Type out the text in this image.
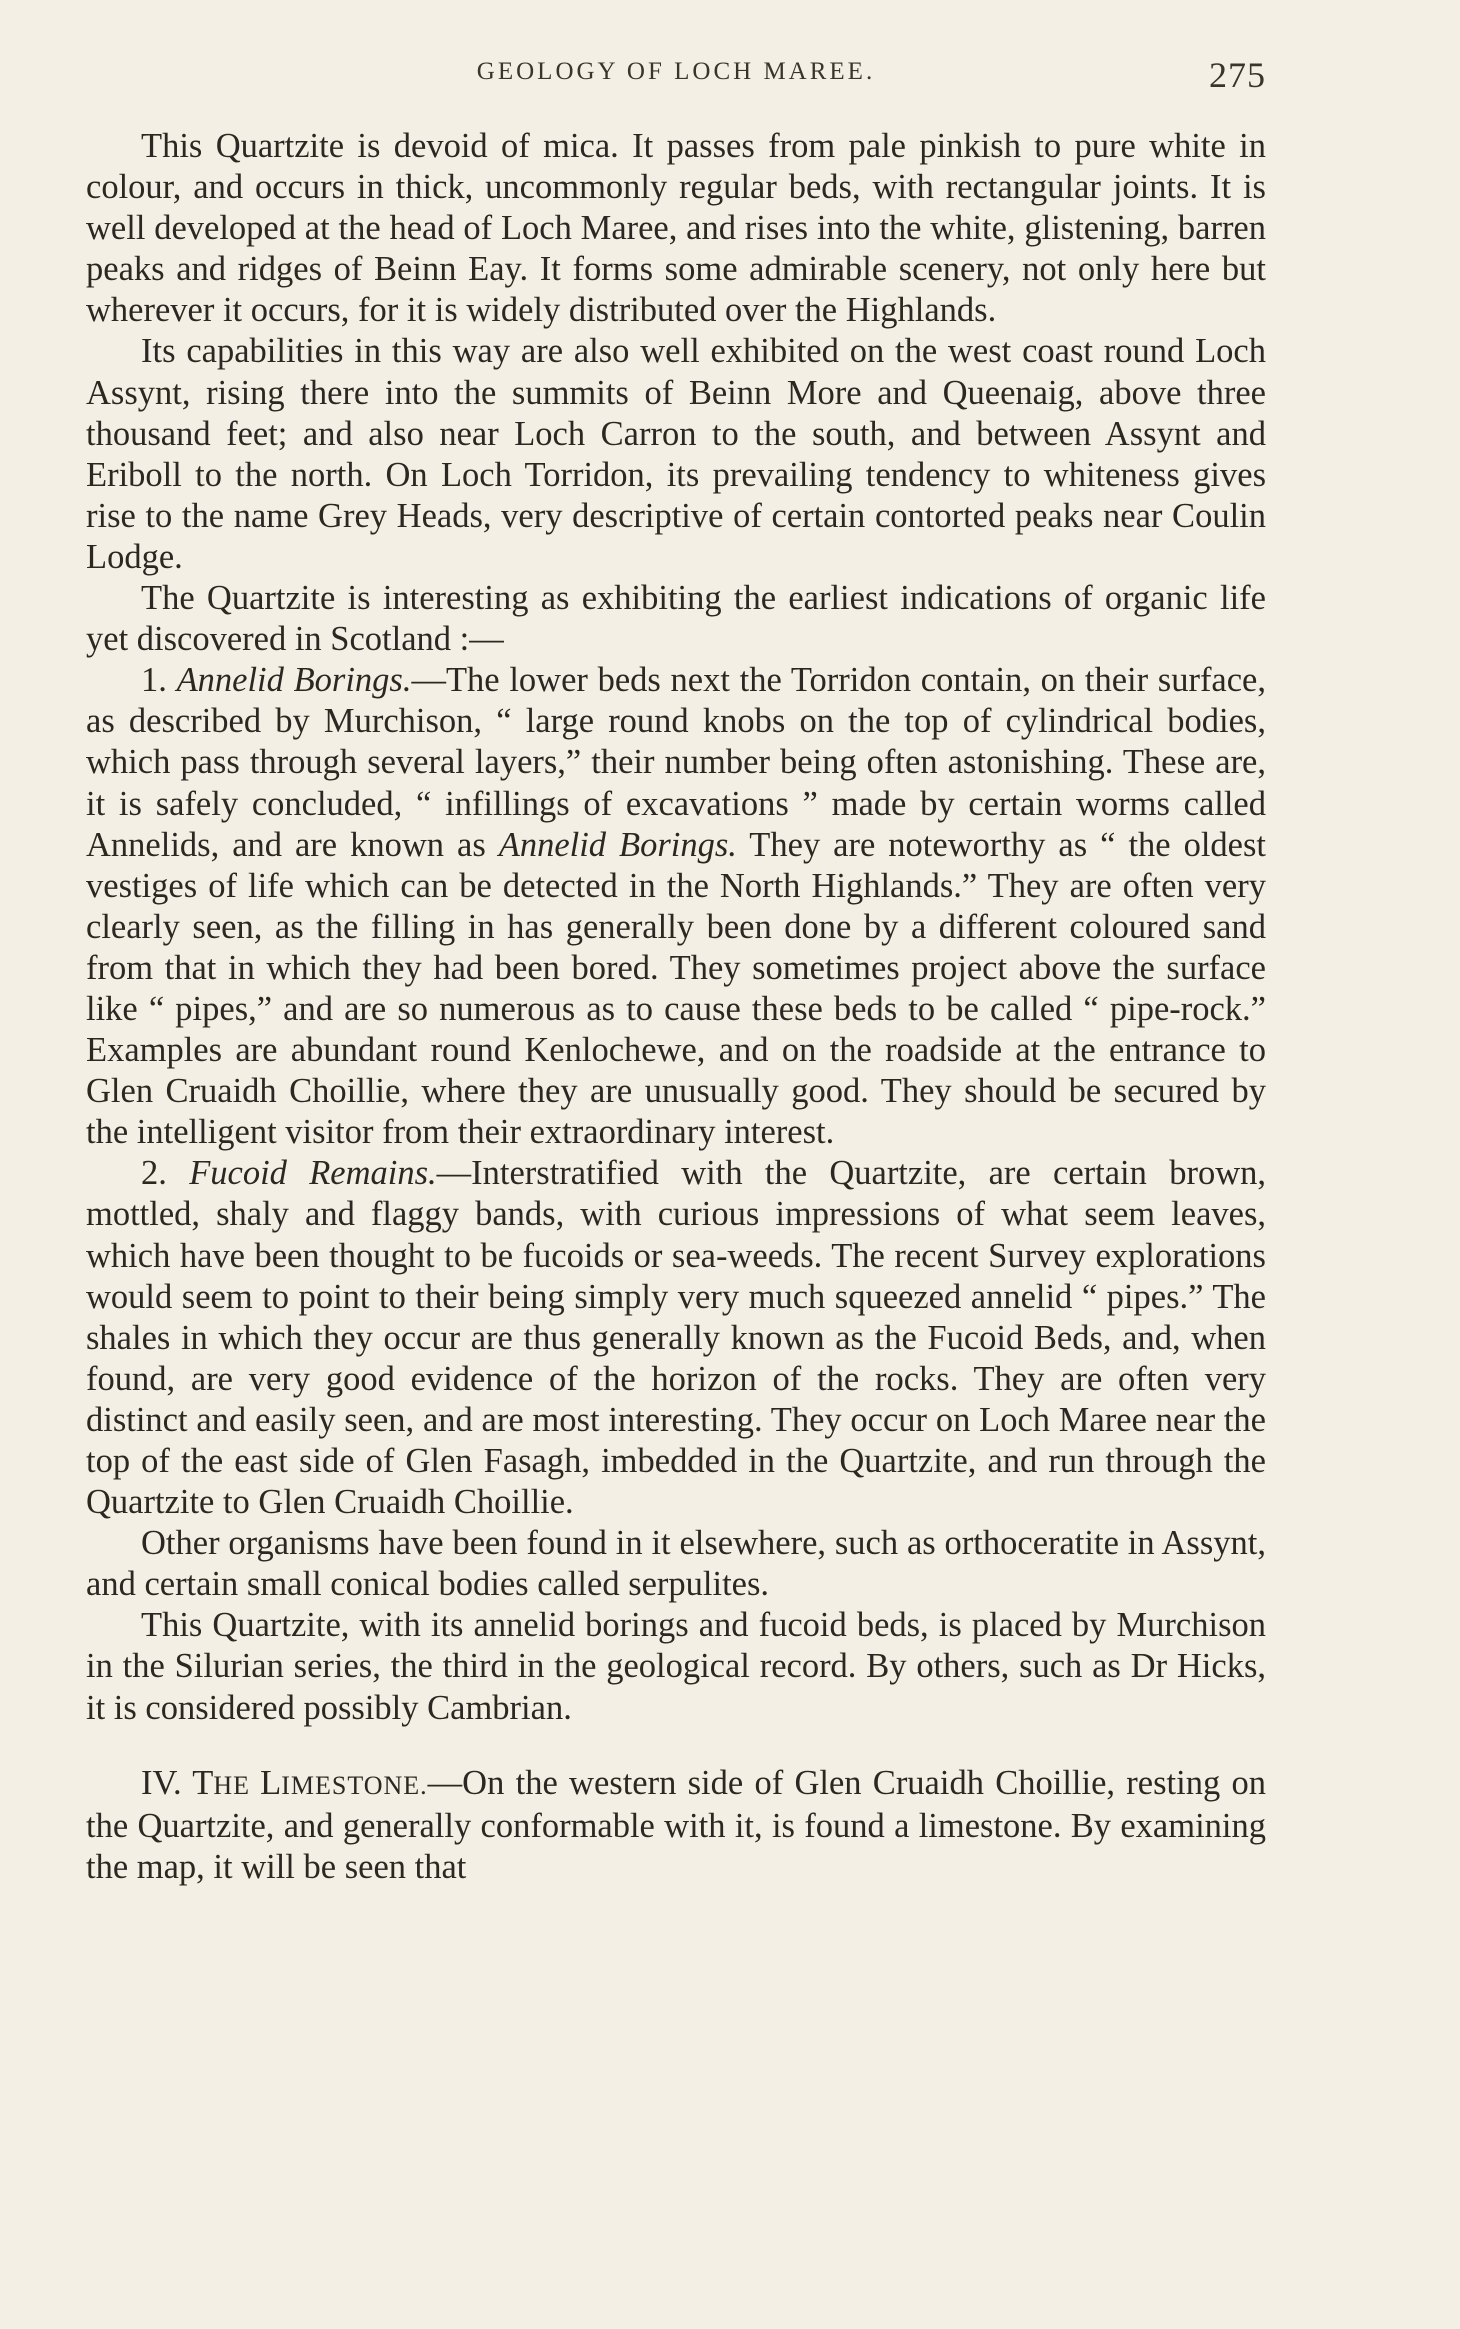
GEOLOGY OF LOCH MAREE.	275

This Quartzite is devoid of mica. It passes from pale pinkish to pure white in colour, and occurs in thick, uncommonly regular beds, with rectangular joints. It is well developed at the head of Loch Maree, and rises into the white, glistening, barren peaks and ridges of Beinn Eay. It forms some admirable scenery, not only here but wherever it occurs, for it is widely distributed over the Highlands.

Its capabilities in this way are also well exhibited on the west coast round Loch Assynt, rising there into the summits of Beinn More and Queenaig, above three thousand feet; and also near Loch Carron to the south, and between Assynt and Eriboll to the north. On Loch Torridon, its prevailing tendency to whiteness gives rise to the name Grey Heads, very descriptive of certain contorted peaks near Coulin Lodge.

The Quartzite is interesting as exhibiting the earliest indications of organic life yet discovered in Scotland :—

1. Annelid Borings.—The lower beds next the Torridon contain, on their surface, as described by Murchison, “ large round knobs on the top of cylindrical bodies, which pass through several layers,” their number being often astonishing. These are, it is safely concluded, “ infillings of excavations ” made by certain worms called Annelids, and are known as Annelid Borings. They are noteworthy as “ the oldest vestiges of life which can be detected in the North Highlands.” They are often very clearly seen, as the filling in has generally been done by a different coloured sand from that in which they had been bored. They sometimes project above the surface like “ pipes,” and are so numerous as to cause these beds to be called “ pipe-rock.” Examples are abundant round Kenlochewe, and on the roadside at the entrance to Glen Cruaidh Choillie, where they are unusually good. They should be secured by the intelligent visitor from their extraordinary interest.

2. Fucoid Remains.—Interstratified with the Quartzite, are certain brown, mottled, shaly and flaggy bands, with curious impressions of what seem leaves, which have been thought to be fucoids or sea-weeds. The recent Survey explorations would seem to point to their being simply very much squeezed annelid “ pipes.” The shales in which they occur are thus generally known as the Fucoid Beds, and, when found, are very good evidence of the horizon of the rocks. They are often very distinct and easily seen, and are most interesting. They occur on Loch Maree near the top of the east side of Glen Fasagh, imbedded in the Quartzite, and run through the Quartzite to Glen Cruaidh Choillie.

Other organisms have been found in it elsewhere, such as orthoceratite in Assynt, and certain small conical bodies called serpulites.

This Quartzite, with its annelid borings and fucoid beds, is placed by Murchison in the Silurian series, the third in the geological record. By others, such as Dr Hicks, it is considered possibly Cambrian.

IV. THE LIMESTONE.—On the western side of Glen Cruaidh Choillie, resting on the Quartzite, and generally conformable with it, is found a limestone. By examining the map, it will be seen that
